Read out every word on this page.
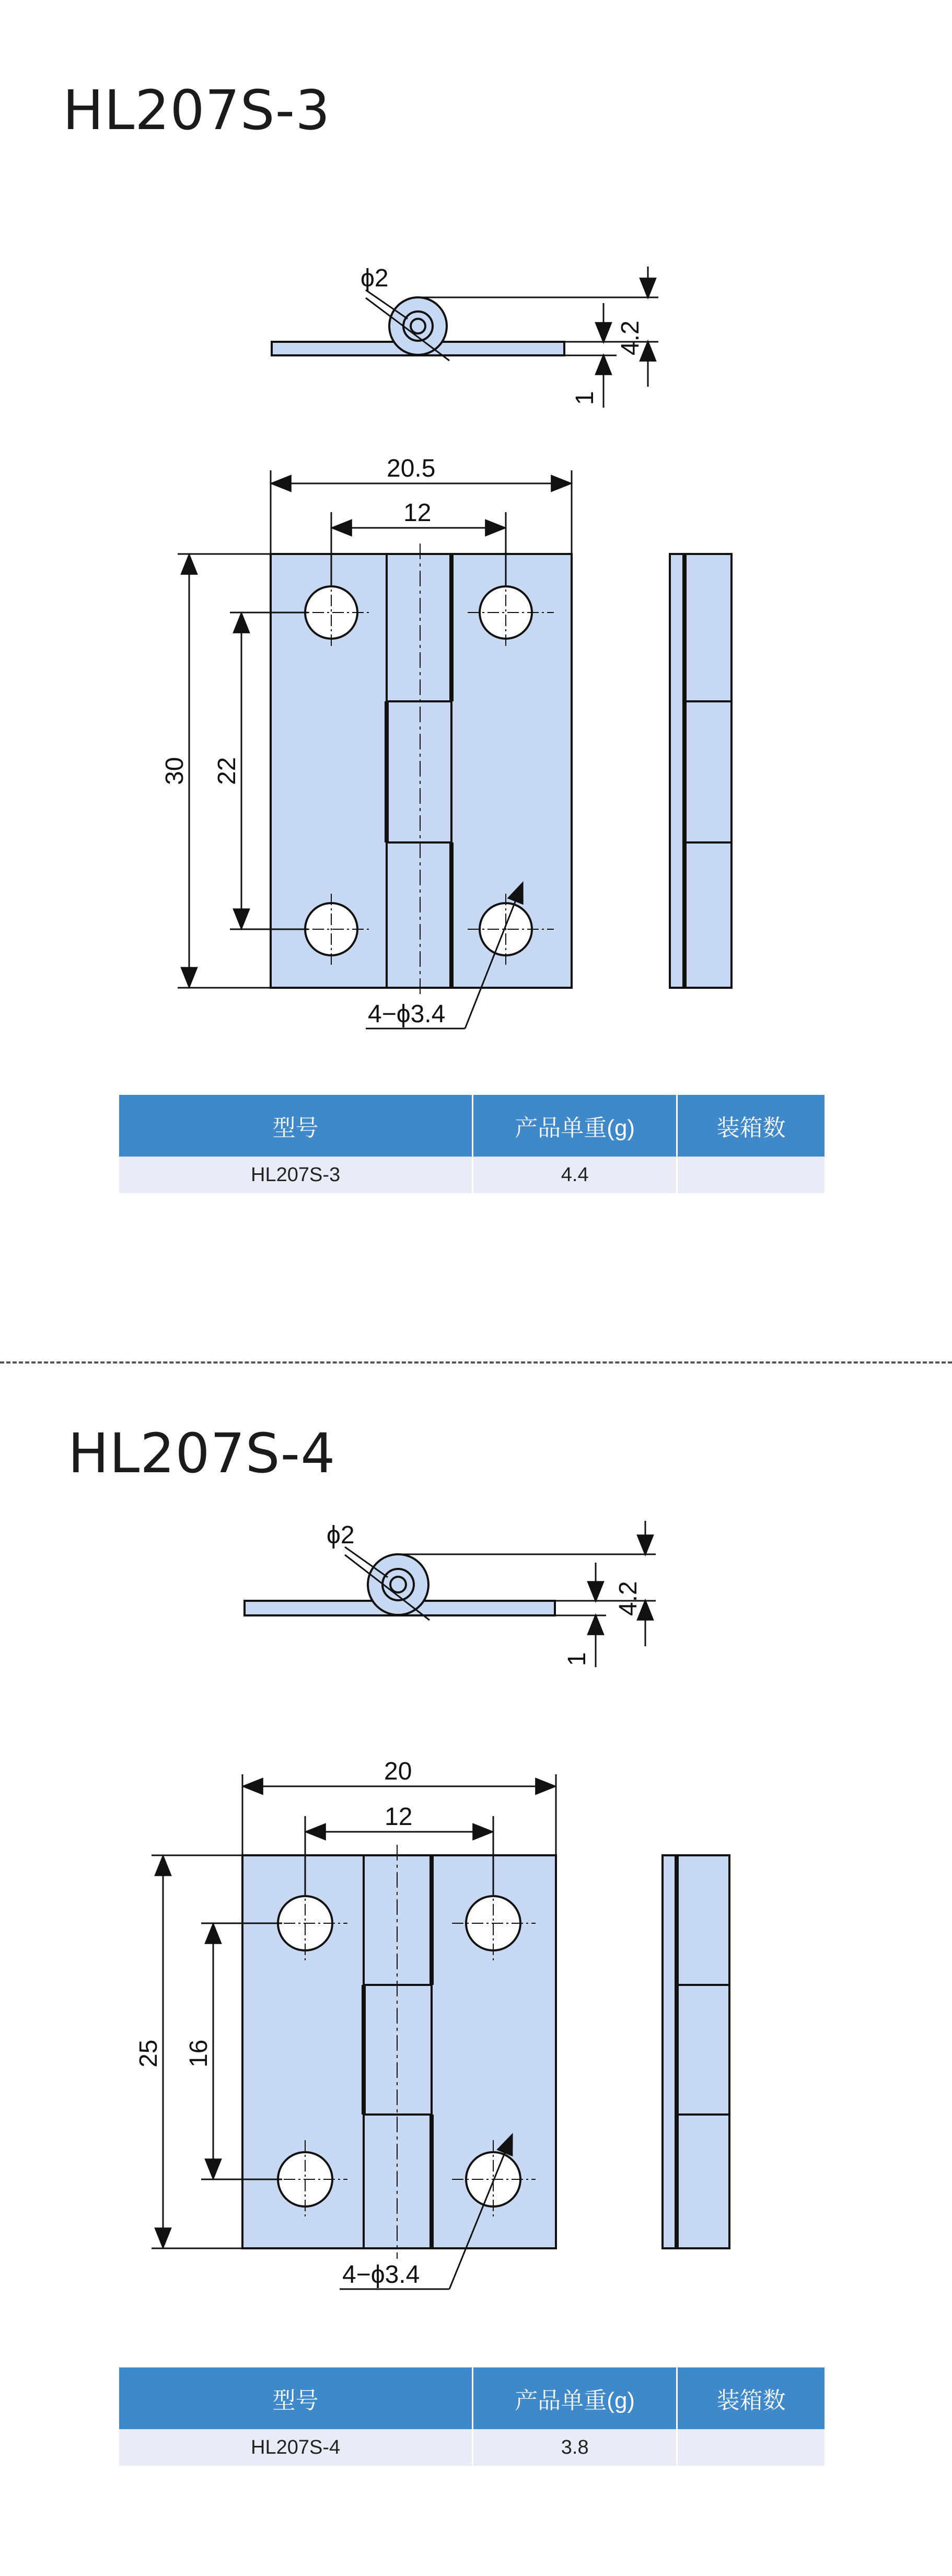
HL207S-3
ϕ2
4.2
1
20.5
12
30 22
4−ϕ3.4
型号	产品单重(g)	装箱数
HL207S-3	4.4	
HL207S-4
ϕ2
4.2
1
20
12
25 16
4−ϕ3.4
型号	产品单重(g)	装箱数
HL207S-4	3.8	
